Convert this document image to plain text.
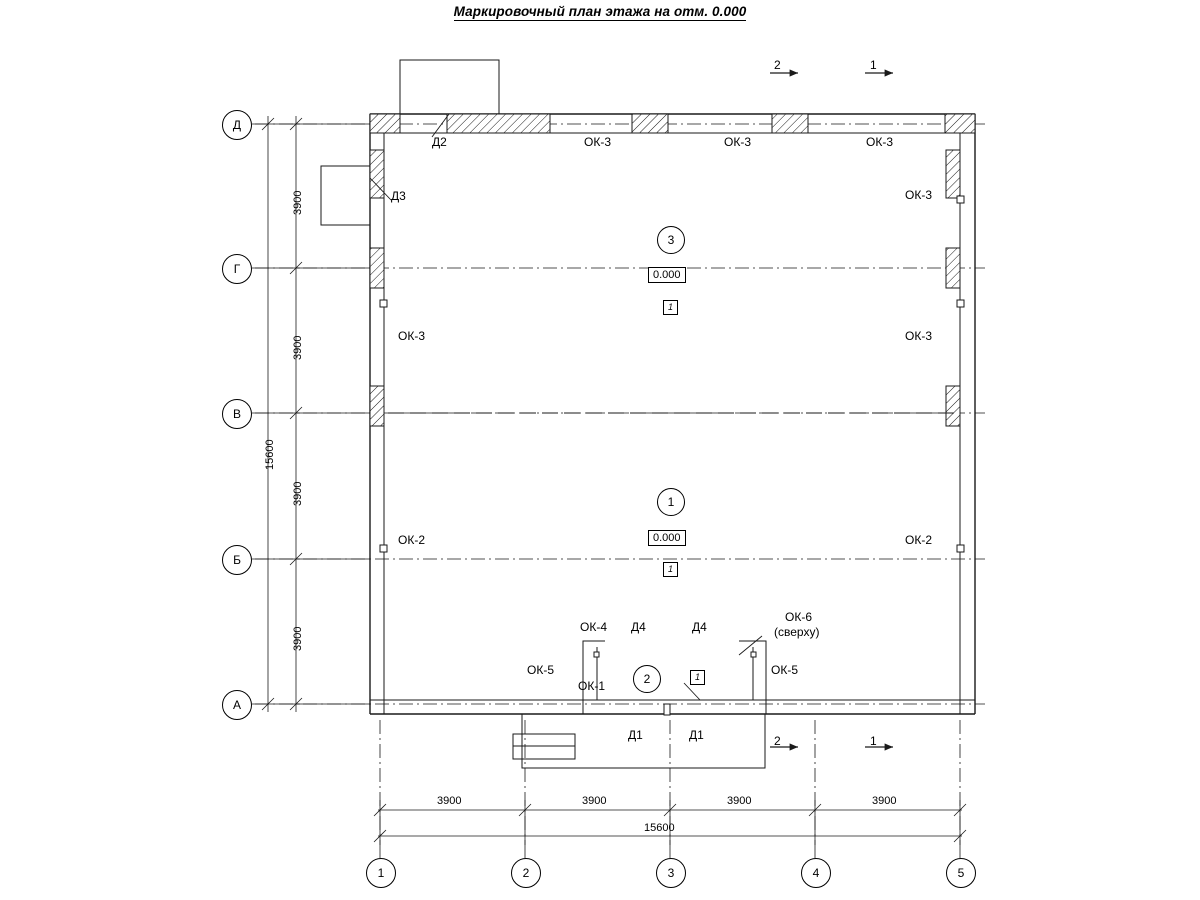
Маркировочный план этажа на отм. 0.000
Д
Г
В
Б
А
1	2	3	4	5
3900
3900
3900
3900
15600
3900	3900	3900	3900
15600
Д2
Д3
ОК-3	ОК-3	ОК-3
ОК-3
ОК-3
ОК-3
ОК-2	ОК-2
ОК-4 Д4	Д4
ОК-6
(сверху)
ОК-5	ОК-5
ОК-1
Д1	Д1
3
1
2
0.000
0.000
1
1
1
2	1
2	1
